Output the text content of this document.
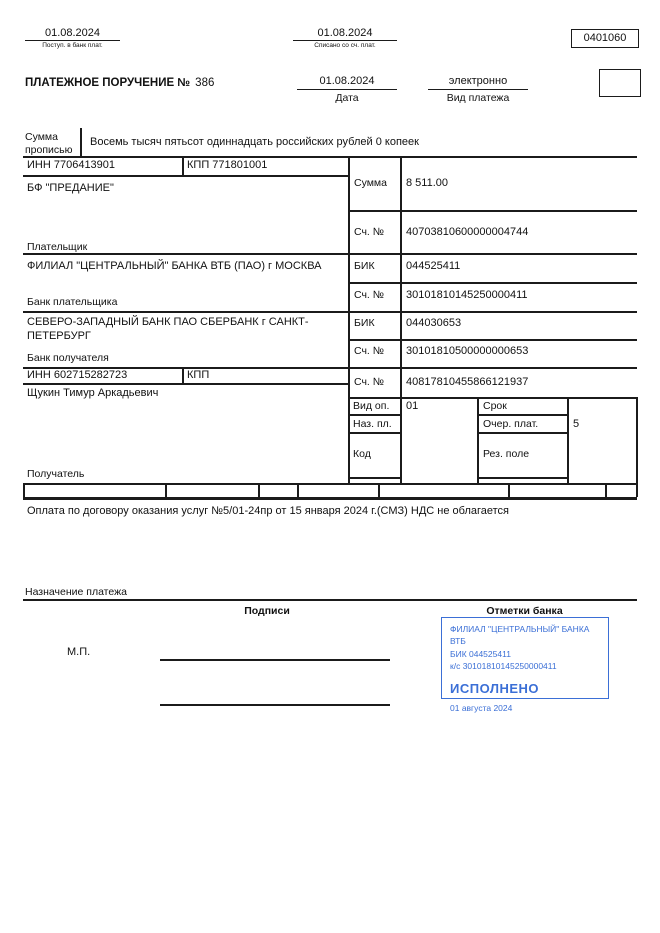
01.08.2024
Поступ. в банк плат.
01.08.2024
Списано со сч. плат.
0401060
ПЛАТЕЖНОЕ ПОРУЧЕНИЕ № 386	01.08.2024
Дата
электронно
Вид платежа
Сумма прописью
Восемь тысяч пятьсот одиннадцать российских рублей 0 копеек
ИНН 7706413901	КПП 771801001
БФ "ПРЕДАНИЕ"
Плательщик
Сумма 8 511.00
Сч. № 40703810600000004744
ФИЛИАЛ "ЦЕНТРАЛЬНЫЙ" БАНКА ВТБ (ПАО) г МОСКВА
Банк плательщика
БИК	044525411
Сч. № 30101810145250000411
СЕВЕРО-ЗАПАДНЫЙ БАНК ПАО СБЕРБАНК г САНКТ-ПЕТЕРБУРГ
Банк получателя
БИК	044030653
Сч. № 30101810500000000653
ИНН 602715282723	КПП
Щукин Тимур Аркадьевич
Получатель
Сч. № 40817810455866121937
Вид оп. 01	Срок
Наз. пл.	Очер. плат.	5
Код	Рез. поле
Оплата по договору оказания услуг №5/01-24пр от 15 января 2024 г.(СМЗ) НДС не облагается
Назначение платежа
Подписи	Отметки банка
М.П.
ФИЛИАЛ "ЦЕНТРАЛЬНЫЙ" БАНКА ВТБ
БИК 044525411
к/с 30101810145250000411
ИСПОЛНЕНО
01 августа 2024
